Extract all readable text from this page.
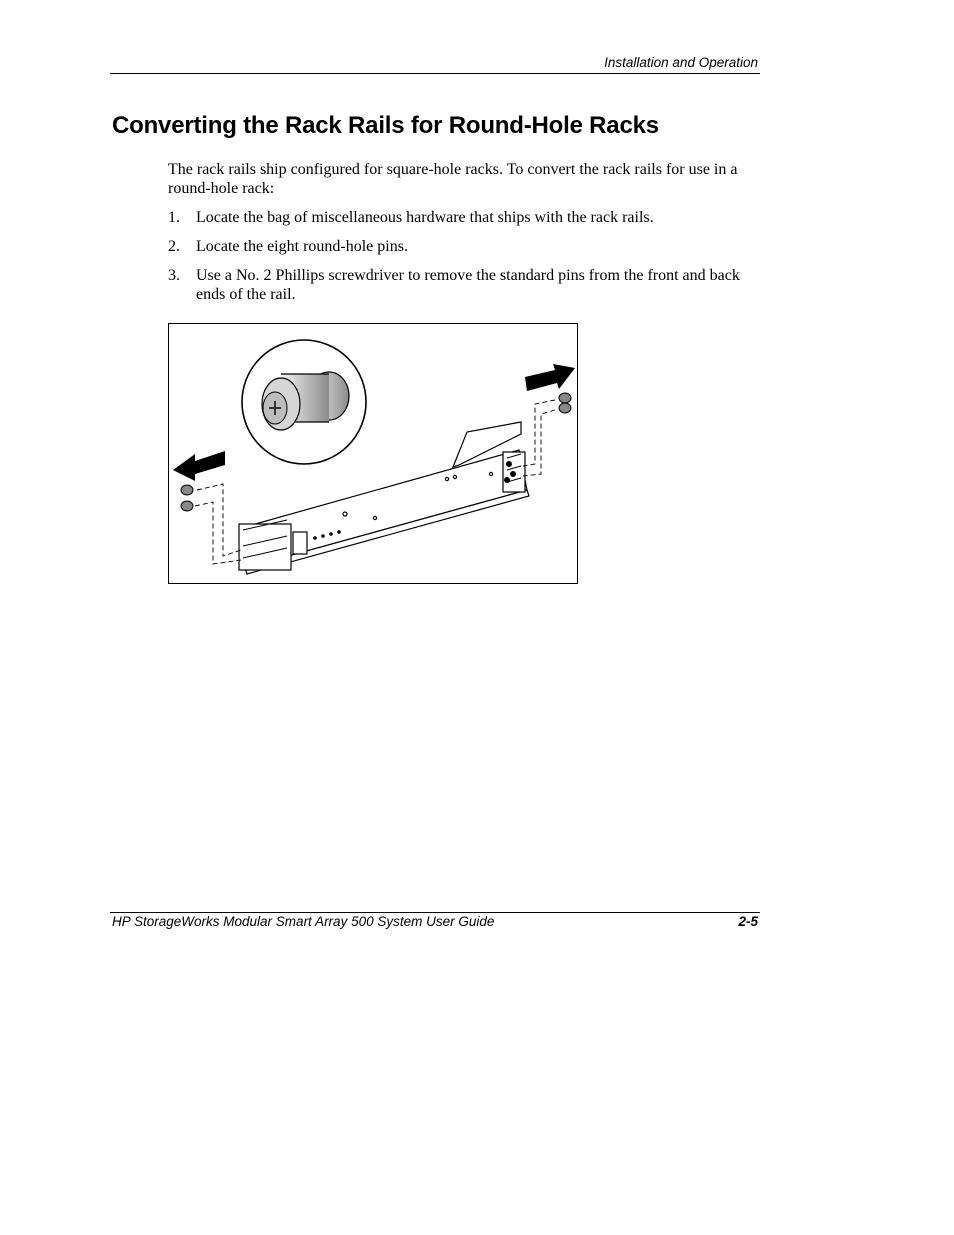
Installation and Operation
Converting the Rack Rails for Round-Hole Racks
The rack rails ship configured for square-hole racks. To convert the rack rails for use in a round-hole rack:
1. Locate the bag of miscellaneous hardware that ships with the rack rails.
2. Locate the eight round-hole pins.
3. Use a No. 2 Phillips screwdriver to remove the standard pins from the front and back ends of the rail.
HP StorageWorks Modular Smart Array 500 System User Guide	2-5
